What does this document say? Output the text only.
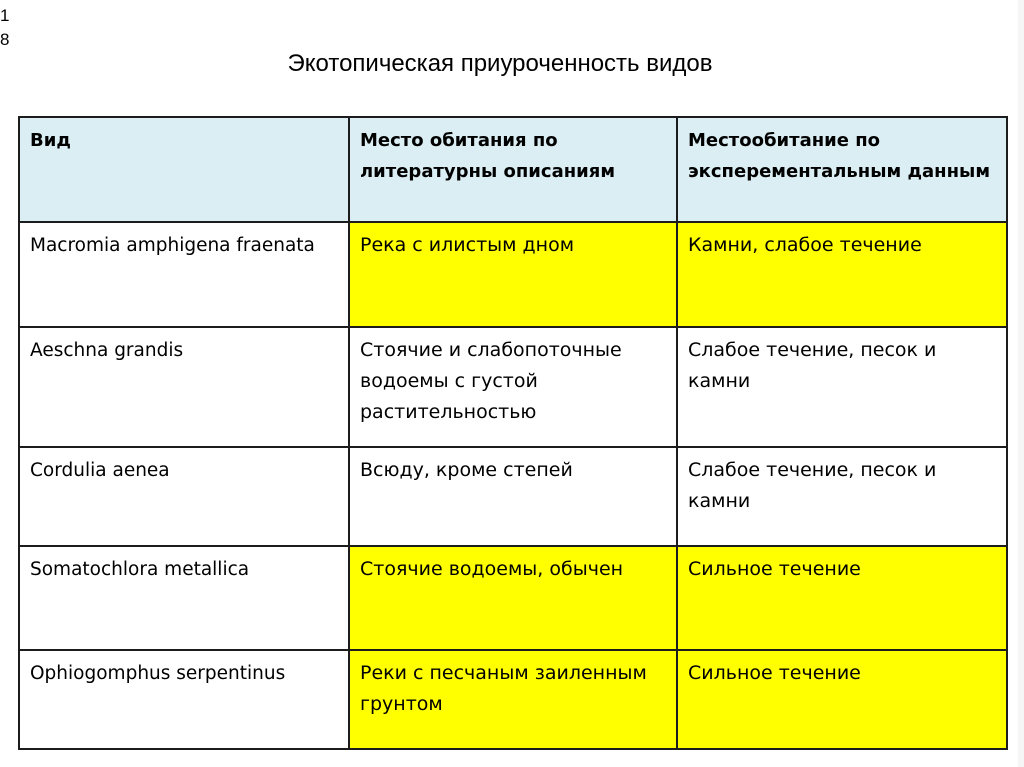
1
8
Экотопическая приуроченность видов
Вид	Место обитания по литературны описаниям	Местообитание по эксперементальным данным
Macromia amphigena fraenata	Река с илистым дном	Камни, слабое течение
Aeschna grandis	Стоячие и слабопоточные водоемы с густой растительностью	Слабое течение, песок и камни
Cordulia aenea	Всюду, кроме степей	Слабое течение, песок и камни
Somatochlora metallica	Стоячие водоемы, обычен	Сильное течение
Ophiogomphus serpentinus	Реки с песчаным заиленным грунтом	Сильное течение
